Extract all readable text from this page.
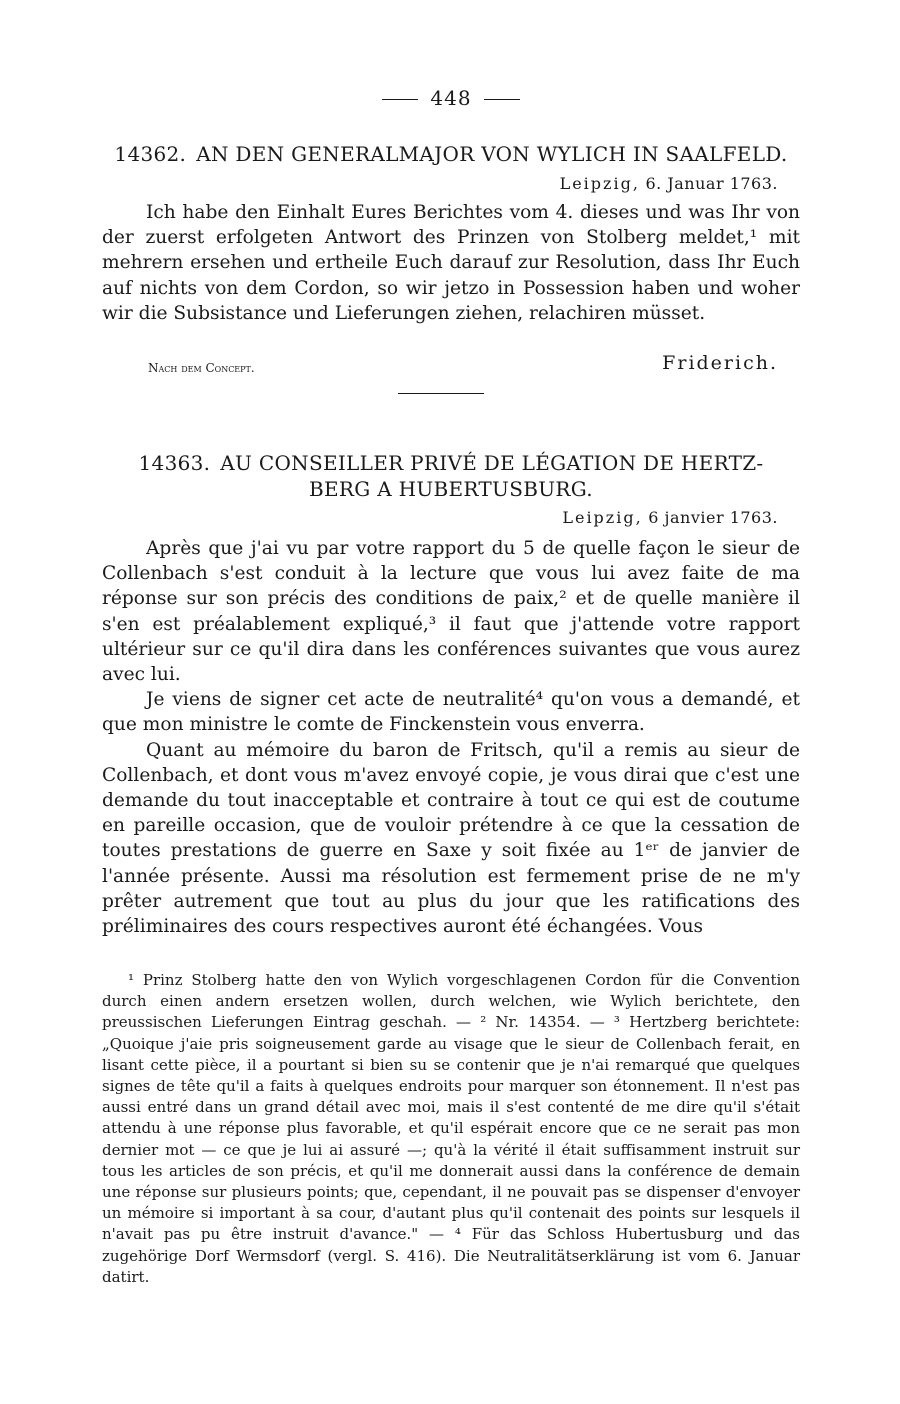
448
14362. AN DEN GENERALMAJOR VON WYLICH IN SAALFELD.
Leipzig, 6. Januar 1763.

Ich habe den Einhalt Eures Berichtes vom 4. dieses und was Ihr von der zuerst erfolgeten Antwort des Prinzen von Stolberg meldet,¹ mit mehrern ersehen und ertheile Euch darauf zur Resolution, dass Ihr Euch auf nichts von dem Cordon, so wir jetzo in Possession haben und woher wir die Subsistance und Lieferungen ziehen, relachiren müsset.

Nach dem Concept.	Friderich.
14363. AU CONSEILLER PRIVÉ DE LÉGATION DE HERTZ-
BERG A HUBERTUSBURG.
Leipzig, 6 janvier 1763.

Après que j'ai vu par votre rapport du 5 de quelle façon le sieur de Collenbach s'est conduit à la lecture que vous lui avez faite de ma réponse sur son précis des conditions de paix,² et de quelle manière il s'en est préalablement expliqué,³ il faut que j'attende votre rapport ultérieur sur ce qu'il dira dans les conférences suivantes que vous aurez avec lui.

Je viens de signer cet acte de neutralité⁴ qu'on vous a demandé, et que mon ministre le comte de Finckenstein vous enverra.

Quant au mémoire du baron de Fritsch, qu'il a remis au sieur de Collenbach, et dont vous m'avez envoyé copie, je vous dirai que c'est une demande du tout inacceptable et contraire à tout ce qui est de coutume en pareille occasion, que de vouloir prétendre à ce que la cessation de toutes prestations de guerre en Saxe y soit fixée au 1ᵉʳ de janvier de l'année présente. Aussi ma résolution est fermement prise de ne m'y prêter autrement que tout au plus du jour que les ratifications des préliminaires des cours respectives auront été échangées. Vous

¹ Prinz Stolberg hatte den von Wylich vorgeschlagenen Cordon für die Convention durch einen andern ersetzen wollen, durch welchen, wie Wylich berichtete, den preussischen Lieferungen Eintrag geschah. — ² Nr. 14354. — ³ Hertzberg berichtete: „Quoique j'aie pris soigneusement garde au visage que le sieur de Collenbach ferait, en lisant cette pièce, il a pourtant si bien su se contenir que je n'ai remarqué que quelques signes de tête qu'il a faits à quelques endroits pour marquer son étonnement. Il n'est pas aussi entré dans un grand détail avec moi, mais il s'est contenté de me dire qu'il s'était attendu à une réponse plus favorable, et qu'il espérait encore que ce ne serait pas mon dernier mot — ce que je lui ai assuré —; qu'à la vérité il était suffisamment instruit sur tous les articles de son précis, et qu'il me donnerait aussi dans la conférence de demain une réponse sur plusieurs points; que, cependant, il ne pouvait pas se dispenser d'envoyer un mémoire si important à sa cour, d'autant plus qu'il contenait des points sur lesquels il n'avait pas pu être instruit d'avance." — ⁴ Für das Schloss Hubertusburg und das zugehörige Dorf Wermsdorf (vergl. S. 416). Die Neutralitätserklärung ist vom 6. Januar datirt.
